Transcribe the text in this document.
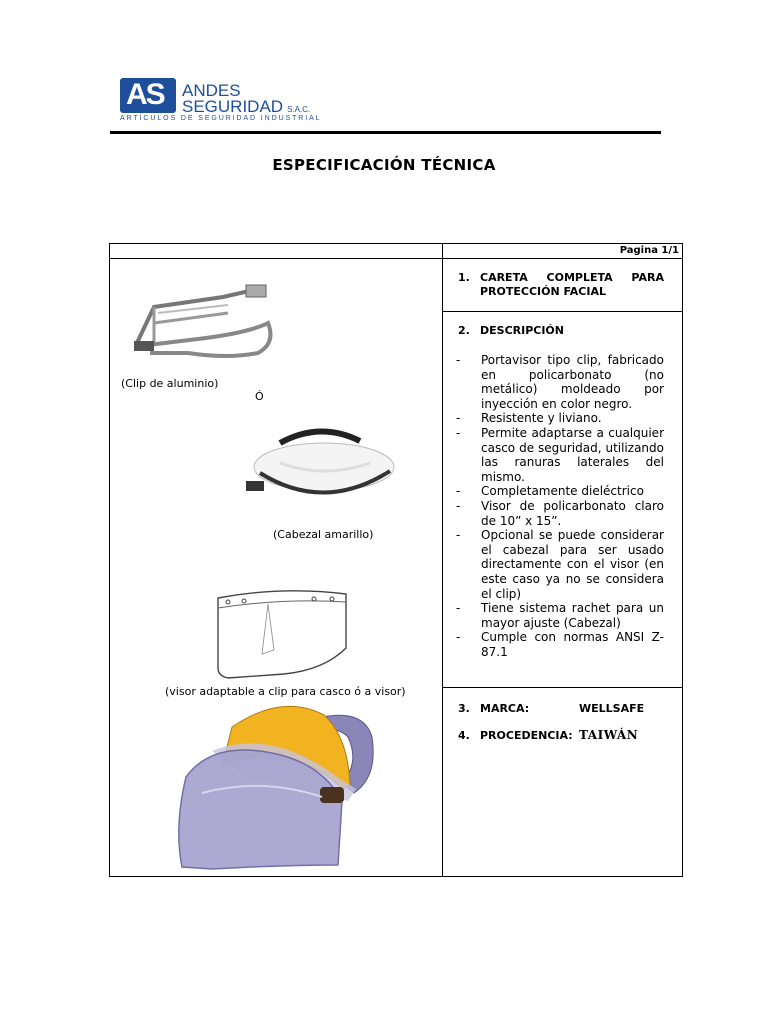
AS ANDES
SEGURIDAD S.A.C.
ARTÍCULOS DE SEGURIDAD INDUSTRIAL
ESPECIFICACIÓN TÉCNICA
Pagina 1/1
1. CARETA COMPLETA PARA
PROTECCIÓN FACIAL
2. DESCRIPCIÓN
- Portavisor tipo clip, fabricado en policarbonato (no metálico) moldeado por inyección en color negro.
- Resistente y liviano.
- Permite adaptarse a cualquier casco de seguridad, utilizando las ranuras laterales del mismo.
- Completamente dieléctrico
- Visor de policarbonato claro de 10” x 15”.
- Opcional se puede considerar el cabezal para ser usado directamente con el visor (en este caso ya no se considera el clip)
- Tiene sistema rachet para un mayor ajuste (Cabezal)
- Cumple con normas ANSI Z-87.1
3. MARCA:	WELLSAFE
4. PROCEDENCIA: TAIWÁN
(Clip de aluminio)
Ó
(Cabezal amarillo)
(visor adaptable a clip para casco ó a visor)
